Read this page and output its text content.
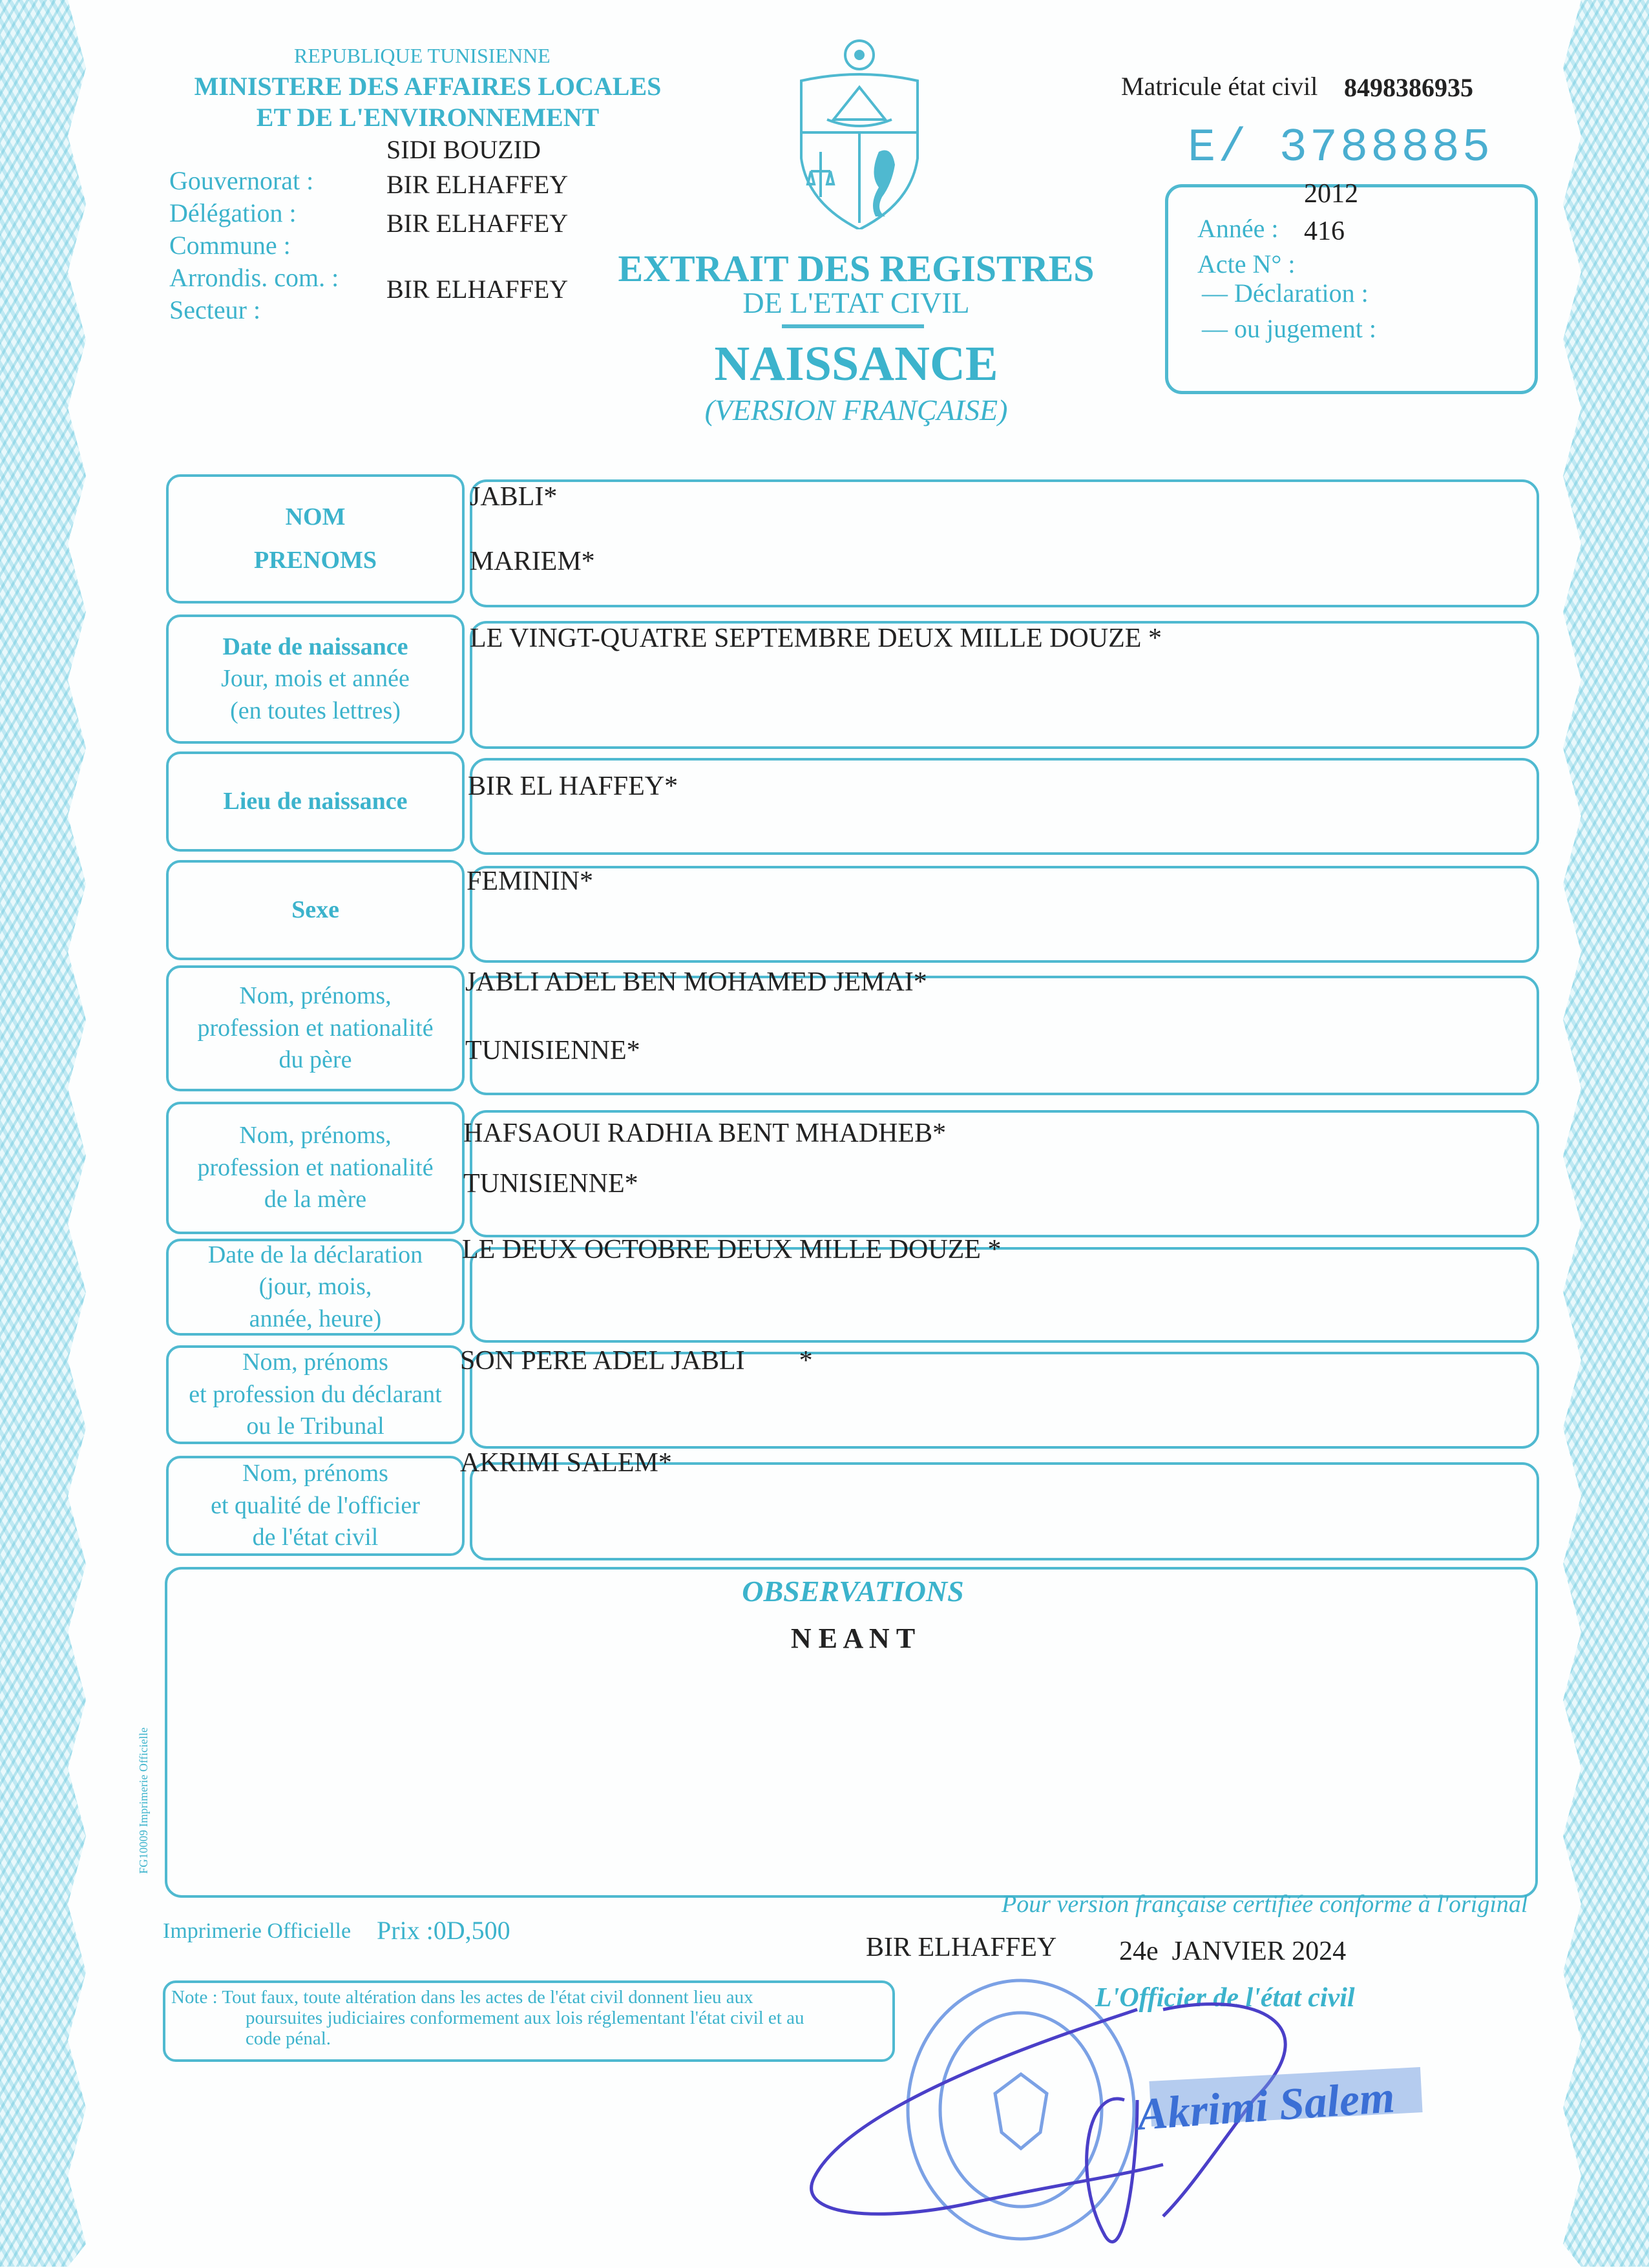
REPUBLIQUE TUNISIENNE
MINISTERE DES AFFAIRES LOCALES
ET DE L'ENVIRONNEMENT
SIDI BOUZID
Gouvernorat :	BIR ELHAFFEY
Délégation :	BIR ELHAFFEY
Commune :
Arrondis. com. : BIR ELHAFFEY
Secteur :
EXTRAIT DES REGISTRES
DE L'ETAT CIVIL
NAISSANCE
(VERSION FRANÇAISE)
Matricule état civil 8498386935
E/ 3788885
2012
Année : 416
Acte N° :
— Déclaration :
— ou jugement :
NOM
PRENOMS
JABLI*
MARIEM*
Date de naissance
Jour, mois et année
(en toutes lettres)
LE VINGT-QUATRE SEPTEMBRE DEUX MILLE DOUZE *
Lieu de naissance BIR EL HAFFEY*
Sexe
FEMININ*
Nom, prénoms,
profession et nationalité
du père
JABLI ADEL BEN MOHAMED JEMAI*
TUNISIENNE*
Nom, prénoms,
profession et nationalité
de la mère
HAFSAOUI RADHIA BENT MHADHEB*
TUNISIENNE*
Date de la déclaration
(jour, mois,
année, heure)
LE DEUX OCTOBRE DEUX MILLE DOUZE *
Nom, prénoms
et profession du déclarant
ou le Tribunal
SON PERE ADEL JABLI        *
Nom, prénoms
et qualité de l'officier
de l'état civil
AKRIMI SALEM*
OBSERVATIONS
N E A N T
FG10009 Imprimerie Officielle
Imprimerie Officielle Prix :0D,500
Pour version française certifiée conforme à l'original
BIR ELHAFFEY 24e  JANVIER 2024
Note : Tout faux, toute altération dans les actes de l'état civil donnent lieu aux
poursuites judiciaires conformement aux lois réglementant l'état civil et au
code pénal.
L'Officier de l'état civil
Akrimi Salem
